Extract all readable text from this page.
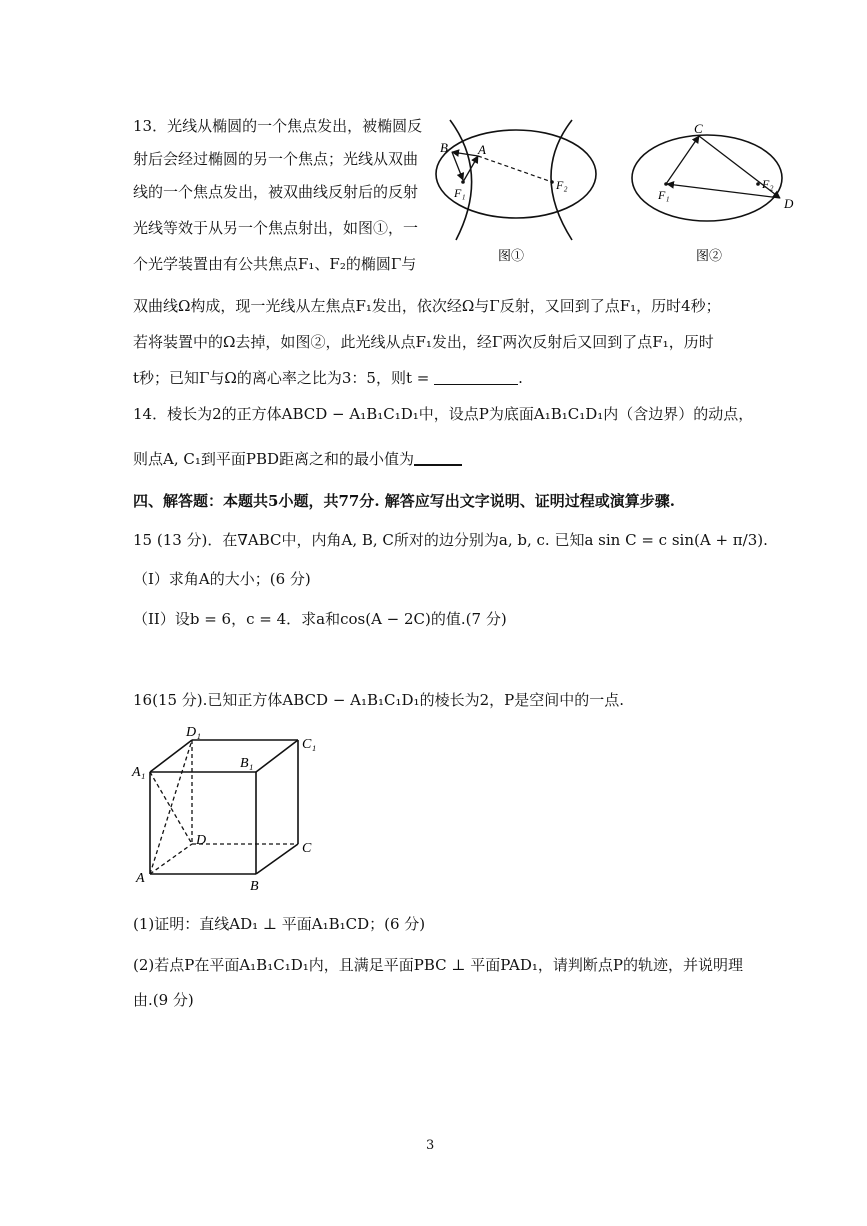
13．光线从椭圆的一个焦点发出，被椭圆反
射后会经过椭圆的另一个焦点；光线从双曲
线的一个焦点发出，被双曲线反射后的反射
光线等效于从另一个焦点射出，如图①，一
个光学装置由有公共焦点F₁、F₂的椭圆Γ与
双曲线Ω构成，现一光线从左焦点F₁发出，依次经Ω与Γ反射，又回到了点F₁，历时4秒；
若将装置中的Ω去掉，如图②，此光线从点F₁发出，经Γ两次反射后又回到了点F₁，历时
t秒；已知Γ与Ω的离心率之比为3：5，则t =	.
B A
F₁
F₂
图①
C
D
F₁
F₂
图②
14．棱长为2的正方体ABCD − A₁B₁C₁D₁中，设点P为底面A₁B₁C₁D₁内（含边界）的动点，
则点A, C₁到平面PBD距离之和的最小值为
四、解答题：本题共5小题，共77分. 解答应写出文字说明、证明过程或演算步骤.
15 (13 分)．在∇ABC中，内角A, B, C所对的边分别为a, b, c. 已知a sin C = c sin(A + π/3).
（I）求角A的大小；(6 分)
（II）设b = 6，c = 4．求a和cos(A − 2C)的值.(7 分)
16(15 分).已知正方体ABCD − A₁B₁C₁D₁的棱长为2，P是空间中的一点.
D₁
C₁
A₁
B₁
D
C
A
B
(1)证明：直线AD₁ ⊥ 平面A₁B₁CD；(6 分)
(2)若点P在平面A₁B₁C₁D₁内，且满足平面PBC ⊥ 平面PAD₁，请判断点P的轨迹，并说明理
由.(9 分)
3
